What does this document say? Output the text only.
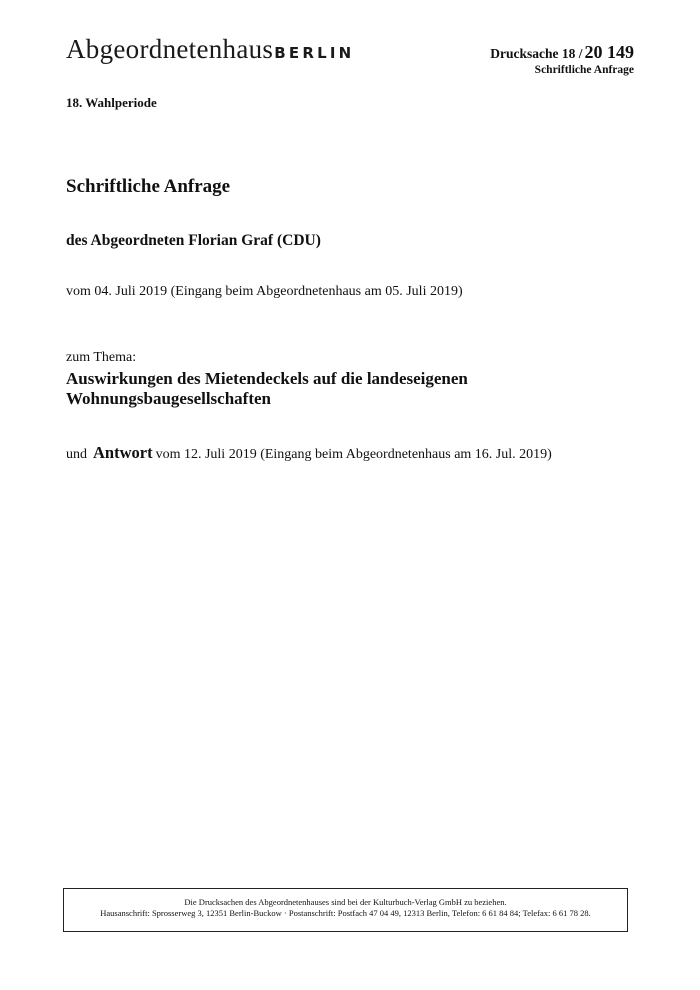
AbgeordnetenhausBERLIN	Drucksache 18 / 20 149
Schriftliche Anfrage
18. Wahlperiode
Schriftliche Anfrage
des Abgeordneten Florian Graf (CDU)
vom 04. Juli 2019 (Eingang beim Abgeordnetenhaus am 05. Juli 2019)
zum Thema:
Auswirkungen des Mietendeckels auf die landeseigenen
Wohnungsbaugesellschaften
und Antwort vom 12. Juli 2019 (Eingang beim Abgeordnetenhaus am 16. Jul. 2019)
Die Drucksachen des Abgeordnetenhauses sind bei der Kulturbuch-Verlag GmbH zu beziehen.
Hausanschrift: Sprosserweg 3, 12351 Berlin-Buckow · Postanschrift: Postfach 47 04 49, 12313 Berlin, Telefon: 6 61 84 84; Telefax: 6 61 78 28.
